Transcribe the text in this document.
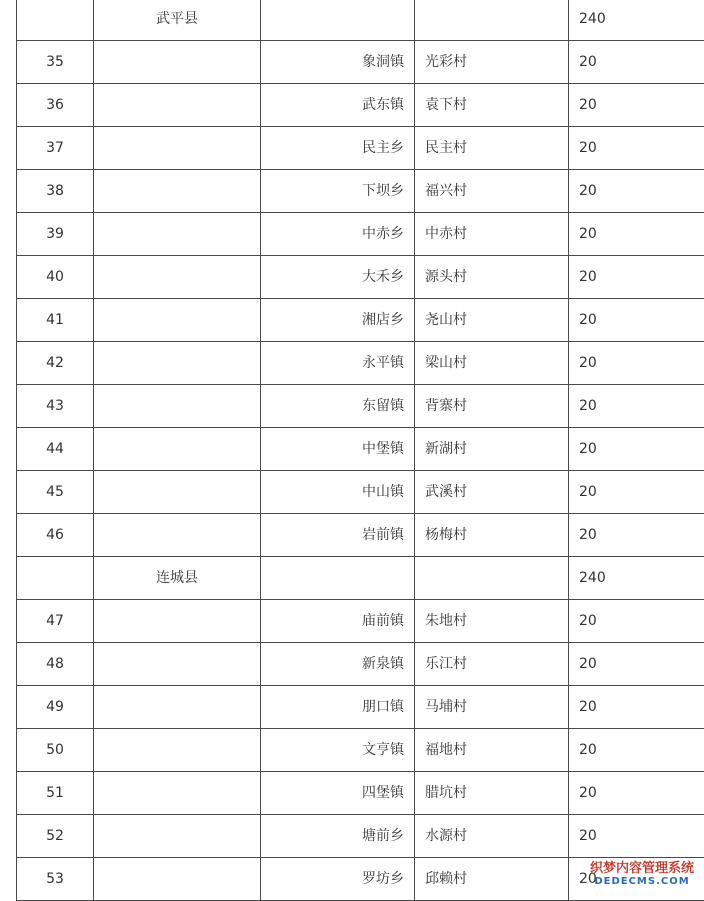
	武平县			240
35		象洞镇	光彩村	20
36		武东镇	袁下村	20
37		民主乡	民主村	20
38		下坝乡	福兴村	20
39		中赤乡	中赤村	20
40		大禾乡	源头村	20
41		湘店乡	尧山村	20
42		永平镇	梁山村	20
43		东留镇	背寨村	20
44		中堡镇	新湖村	20
45		中山镇	武溪村	20
46		岩前镇	杨梅村	20
	连城县			240
47		庙前镇	朱地村	20
48		新泉镇	乐江村	20
49		朋口镇	马埔村	20
50		文亨镇	福地村	20
51		四堡镇	腊坑村	20
52		塘前乡	水源村	20
53		罗坊乡	邱赖村	20
织梦内容管理系统
DEDECMS.COM
